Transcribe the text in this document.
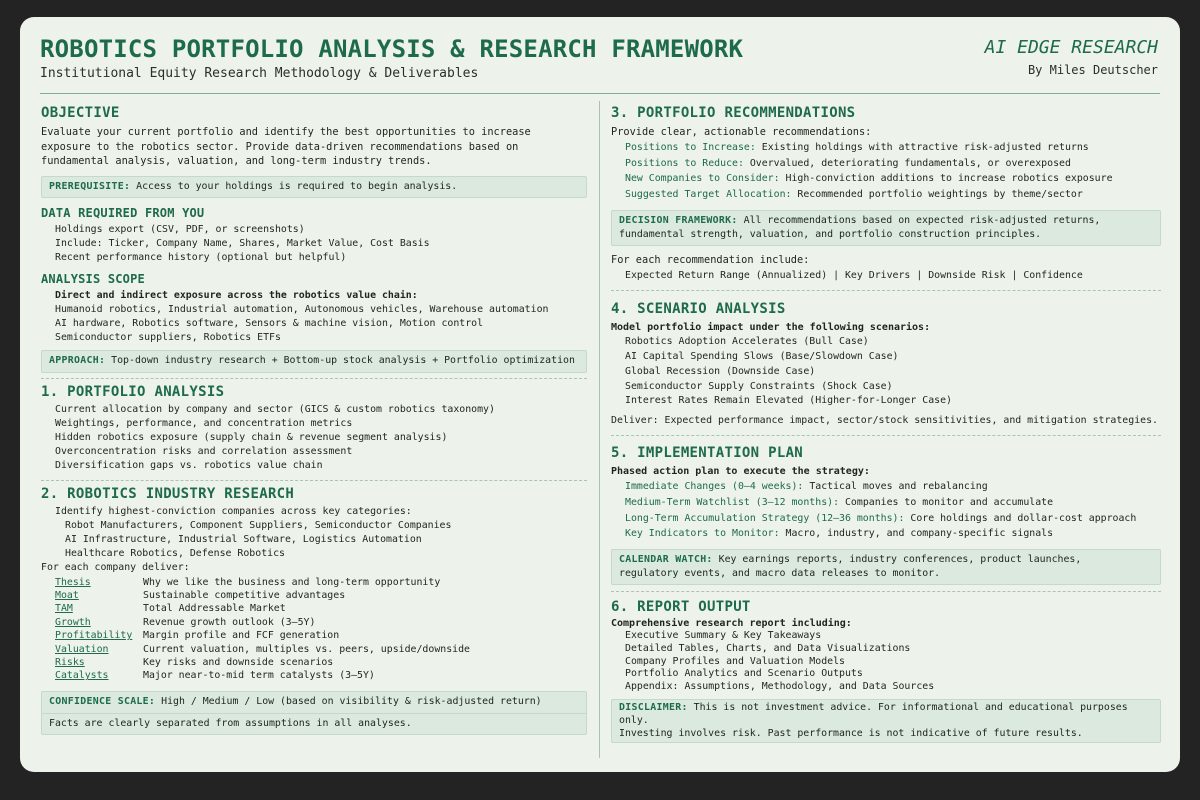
ROBOTICS PORTFOLIO ANALYSIS & RESEARCH FRAMEWORK
Institutional Equity Research Methodology & Deliverables
AI EDGE RESEARCH
By Miles Deutscher
OBJECTIVE

Evaluate your current portfolio and identify the best opportunities to increase

exposure to the robotics sector. Provide data-driven recommendations based on

fundamental analysis, valuation, and long-term industry trends.

PREREQUISITE: Access to your holdings is required to begin analysis.
DATA REQUIRED FROM YOU
Holdings export (CSV, PDF, or screenshots)
Include: Ticker, Company Name, Shares, Market Value, Cost Basis
Recent performance history (optional but helpful)
ANALYSIS SCOPE
Direct and indirect exposure across the robotics value chain:
Humanoid robotics, Industrial automation, Autonomous vehicles, Warehouse automation
AI hardware, Robotics software, Sensors & machine vision, Motion control
Semiconductor suppliers, Robotics ETFs
APPROACH: Top-down industry research + Bottom-up stock analysis + Portfolio optimization
1. PORTFOLIO ANALYSIS
Current allocation by company and sector (GICS & custom robotics taxonomy)
Weightings, performance, and concentration metrics
Hidden robotics exposure (supply chain & revenue segment analysis)
Overconcentration risks and correlation assessment
Diversification gaps vs. robotics value chain
2. ROBOTICS INDUSTRY RESEARCH
Identify highest-conviction companies across key categories:
Robot Manufacturers, Component Suppliers, Semiconductor Companies
AI Infrastructure, Industrial Software, Logistics Automation
Healthcare Robotics, Defense Robotics
For each company deliver:
Thesis	Why we like the business and long-term opportunity
Moat	Sustainable competitive advantages
TAM	Total Addressable Market
Growth	Revenue growth outlook (3–5Y)
Profitability	Margin profile and FCF generation
Valuation	Current valuation, multiples vs. peers, upside/downside
Risks	Key risks and downside scenarios
Catalysts	Major near-to-mid term catalysts (3–5Y)
CONFIDENCE SCALE: High / Medium / Low (based on visibility & risk-adjusted return)
Facts are clearly separated from assumptions in all analyses.
3. PORTFOLIO RECOMMENDATIONS

Provide clear, actionable recommendations:

Positions to Increase: Existing holdings with attractive risk-adjusted returns
Positions to Reduce: Overvalued, deteriorating fundamentals, or overexposed
New Companies to Consider: High-conviction additions to increase robotics exposure
Suggested Target Allocation: Recommended portfolio weightings by theme/sector
DECISION FRAMEWORK: All recommendations based on expected risk-adjusted returns,
fundamental strength, valuation, and portfolio construction principles.

For each recommendation include:

Expected Return Range (Annualized) | Key Drivers | Downside Risk | Confidence
4. SCENARIO ANALYSIS
Model portfolio impact under the following scenarios:
Robotics Adoption Accelerates (Bull Case)
AI Capital Spending Slows (Base/Slowdown Case)
Global Recession (Downside Case)
Semiconductor Supply Constraints (Shock Case)
Interest Rates Remain Elevated (Higher-for-Longer Case)
Deliver: Expected performance impact, sector/stock sensitivities, and mitigation strategies.
5. IMPLEMENTATION PLAN
Phased action plan to execute the strategy:
Immediate Changes (0–4 weeks): Tactical moves and rebalancing
Medium-Term Watchlist (3–12 months): Companies to monitor and accumulate
Long-Term Accumulation Strategy (12–36 months): Core holdings and dollar-cost approach
Key Indicators to Monitor: Macro, industry, and company-specific signals
CALENDAR WATCH: Key earnings reports, industry conferences, product launches,
regulatory events, and macro data releases to monitor.
6. REPORT OUTPUT
Comprehensive research report including:
Executive Summary & Key Takeaways
Detailed Tables, Charts, and Data Visualizations
Company Profiles and Valuation Models
Portfolio Analytics and Scenario Outputs
Appendix: Assumptions, Methodology, and Data Sources
DISCLAIMER: This is not investment advice. For informational and educational purposes only.
Investing involves risk. Past performance is not indicative of future results.
